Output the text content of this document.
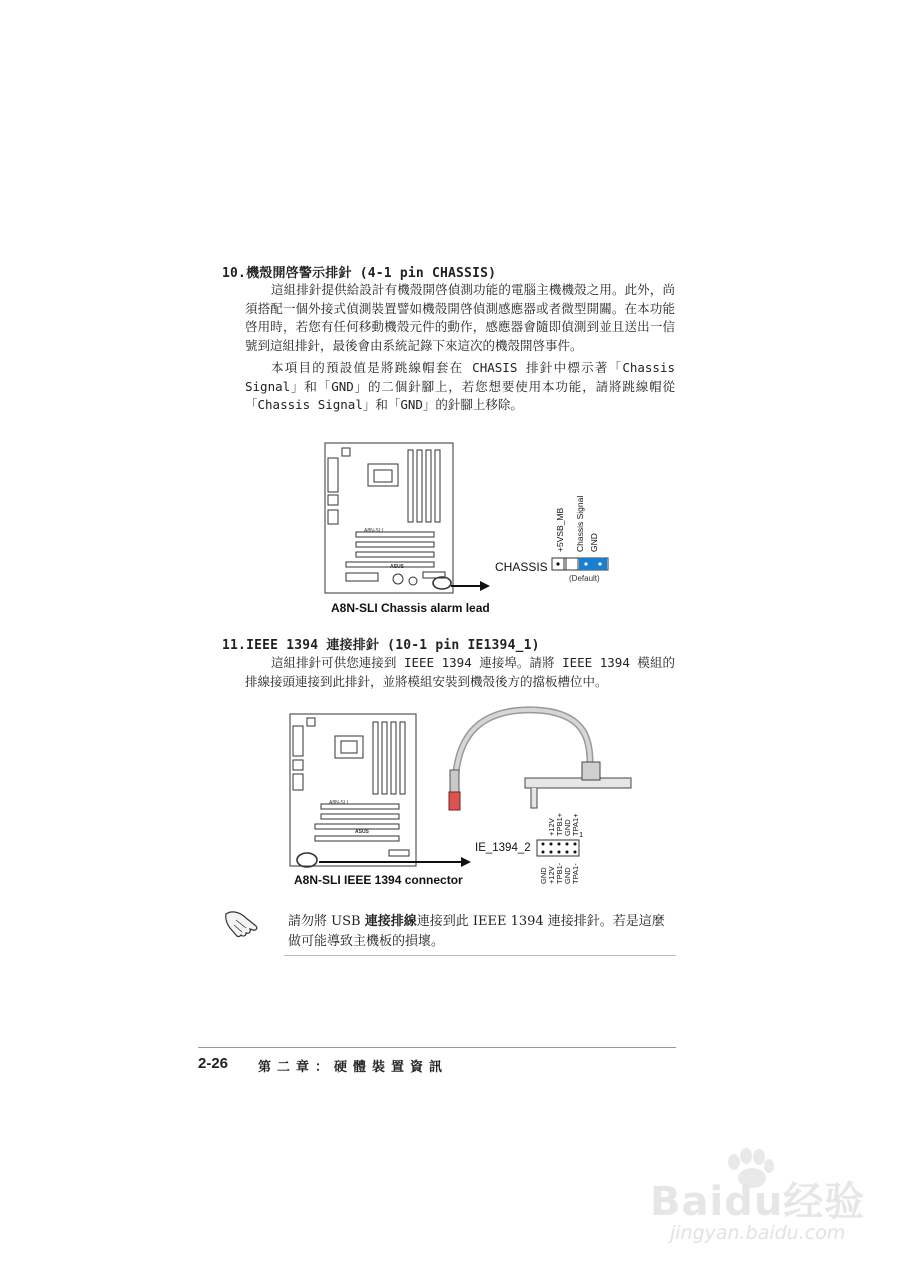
10.機殼開啓警示排針 (4-1 pin CHASSIS)

這組排針提供給設計有機殼開啓偵測功能的電腦主機機殼之用。此外，尚須搭配一個外接式偵測裝置譬如機殼開啓偵測感應器或者微型開關。在本功能啓用時，若您有任何移動機殼元件的動作，感應器會隨即偵測到並且送出一信號到這組排針，最後會由系統記錄下來這次的機殼開啓事件。

本項目的預設值是將跳線帽套在 CHASIS 排針中標示著「Chassis Signal」和「GND」的二個針腳上，若您想要使用本功能，請將跳線帽從「Chassis Signal」和「GND」的針腳上移除。

A8N-SLI
ASUS	CHASSIS
+5VSB_MB Chassis Signal GND
(Default)
A8N-SLI Chassis alarm lead
11.IEEE 1394 連接排針 (10-1 pin IE1394_1)

這組排針可供您連接到 IEEE 1394 連接埠。請將 IEEE 1394 模組的排線接頭連接到此排針，並將模組安裝到機殼後方的擋板槽位中。

A8N-SLI
ASUS
IE_1394_2
+12V TPB1+ GND TPA1+ 1
GND +12V TPB1- GND TPA1-
A8N-SLI IEEE 1394 connector
請勿將 USB 連接排線連接到此 IEEE 1394 連接排針。若是這麼做可能導致主機板的損壞。
2-26 第二章：硬體裝置資訊
Baidu经验
jingyan.baidu.com
